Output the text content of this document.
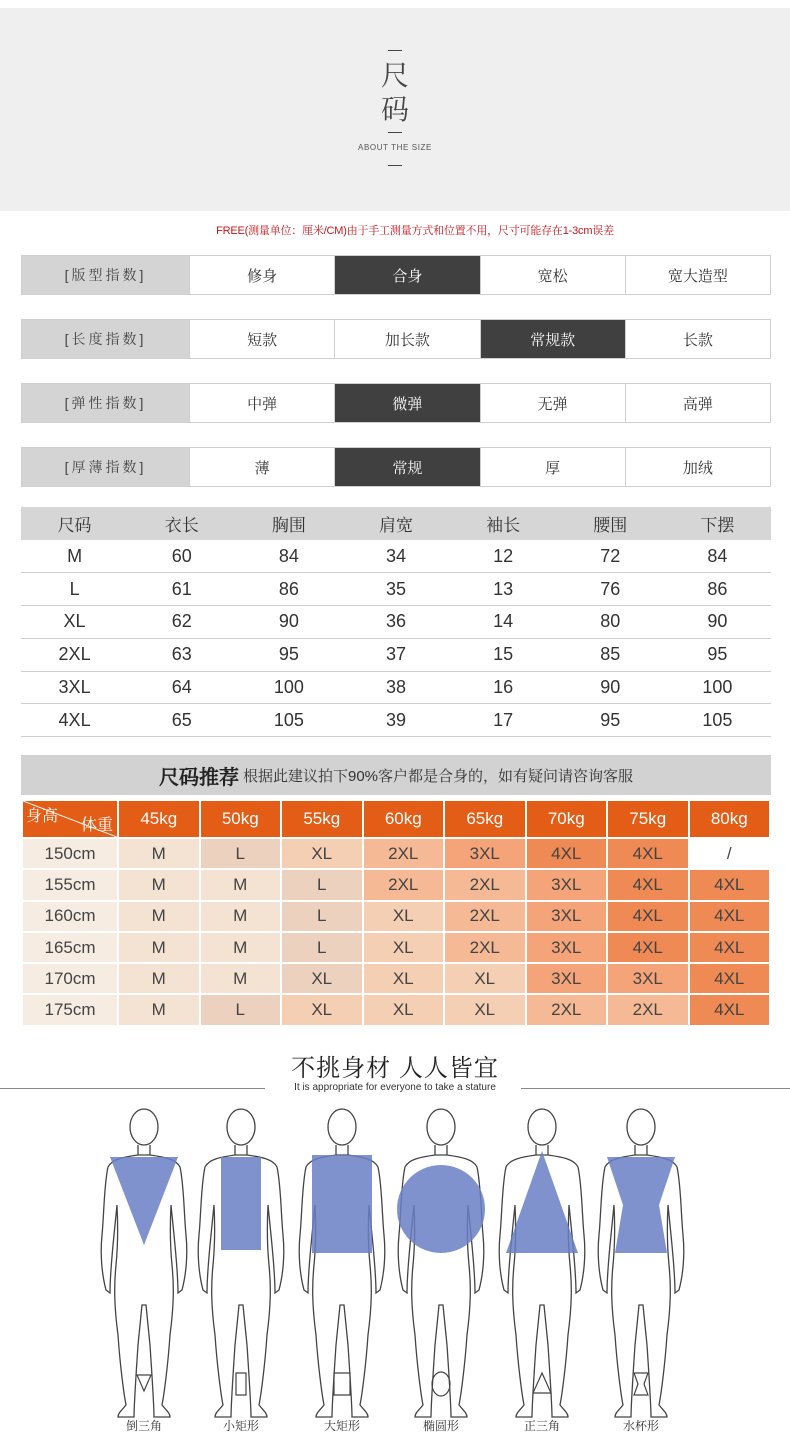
尺
码
ABOUT THE SIZE
FREE(测量单位：厘米/CM)由于手工测量方式和位置不用，尺寸可能存在1-3cm误差
[版型指数]	修身	合身	宽松	宽大造型
[长度指数]	短款	加长款	常规款	长款
[弹性指数]	中弹	微弹	无弹	高弹
[厚薄指数]	薄	常规	厚	加绒
尺码	衣长	胸围	肩宽	袖长	腰围	下摆
M	60	84	34	12	72	84
L	61	86	35	13	76	86
XL	62	90	36	14	80	90
2XL	63	95	37	15	85	95
3XL	64	100	38	16	90	100
4XL	65	105	39	17	95	105
尺码推荐 根据此建议拍下90%客户都是合身的，如有疑问请咨询客服
身高
体重	45kg	50kg	55kg	60kg	65kg	70kg	75kg	80kg
150cm	M	L	XL	2XL	3XL	4XL	4XL	/
155cm	M	M	L	2XL	2XL	3XL	4XL	4XL
160cm	M	M	L	XL	2XL	3XL	4XL	4XL
165cm	M	M	L	XL	2XL	3XL	4XL	4XL
170cm	M	M	XL	XL	XL	3XL	3XL	4XL
175cm	M	L	XL	XL	XL	2XL	2XL	4XL
不挑身材 人人皆宜
It is appropriate for everyone to take a stature
倒三角	小矩形	大矩形	椭圆形	正三角	水杯形
